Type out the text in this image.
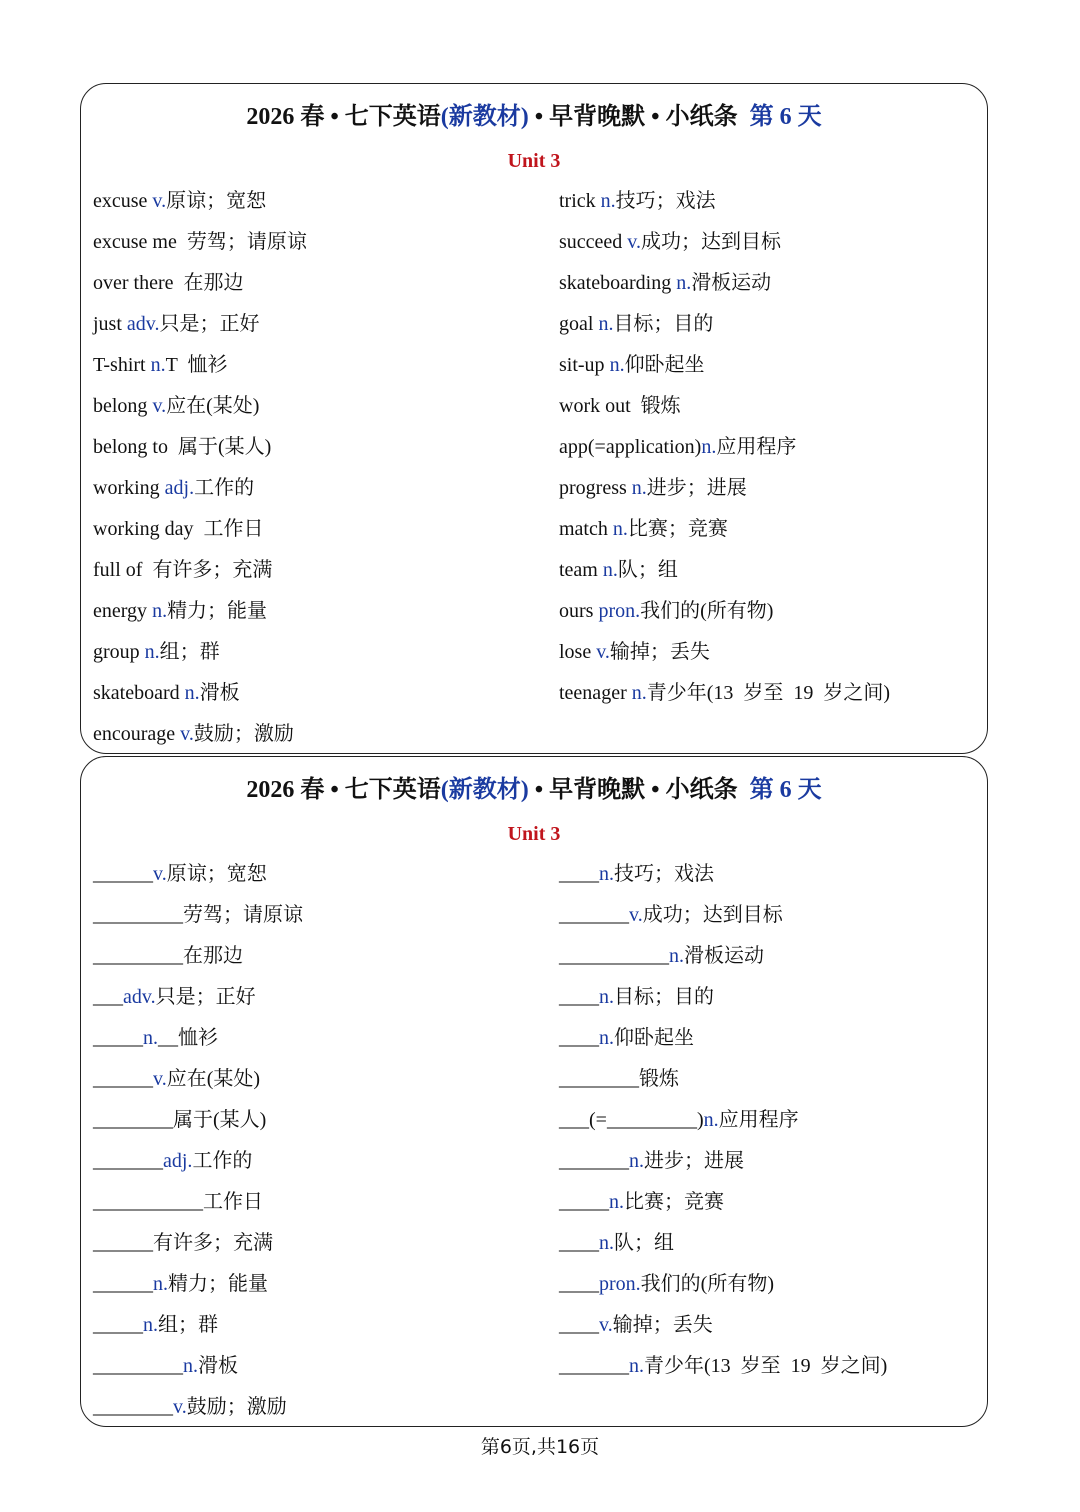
2026 春 • 七下英语(新教材) • 早背晚默 • 小纸条 第 6 天
Unit 3
excuse v.原谅；宽恕
excuse me  劳驾；请原谅
over there  在那边
just adv.只是；正好
T-shirt n.T  恤衫
belong v.应在(某处)
belong to  属于(某人)
working adj.工作的
working day  工作日
full of  有许多；充满
energy n.精力；能量
group n.组；群
skateboard n.滑板
encourage v.鼓励；激励
trick n.技巧；戏法
succeed v.成功；达到目标
skateboarding n.滑板运动
goal n.目标；目的
sit-up n.仰卧起坐
work out  锻炼
app(=application)n.应用程序
progress n.进步；进展
match n.比赛；竞赛
team n.队；组
ours pron.我们的(所有物)
lose v.输掉；丢失
teenager n.青少年(13  岁至  19  岁之间)
2026 春 • 七下英语(新教材) • 早背晚默 • 小纸条 第 6 天
Unit 3
______v.原谅；宽恕
_________劳驾；请原谅
_________在那边
___adv.只是；正好
_____n.__恤衫
______v.应在(某处)
________属于(某人)
_______adj.工作的
___________工作日
______有许多；充满
______n.精力；能量
_____n.组；群
_________n.滑板
________v.鼓励；激励
____n.技巧；戏法
_______v.成功；达到目标
___________n.滑板运动
____n.目标；目的
____n.仰卧起坐
________锻炼
___(=_________)n.应用程序
_______n.进步；进展
_____n.比赛；竞赛
____n.队；组
____pron.我们的(所有物)
____v.输掉；丢失
_______n.青少年(13  岁至  19  岁之间)
第6页,共16页
